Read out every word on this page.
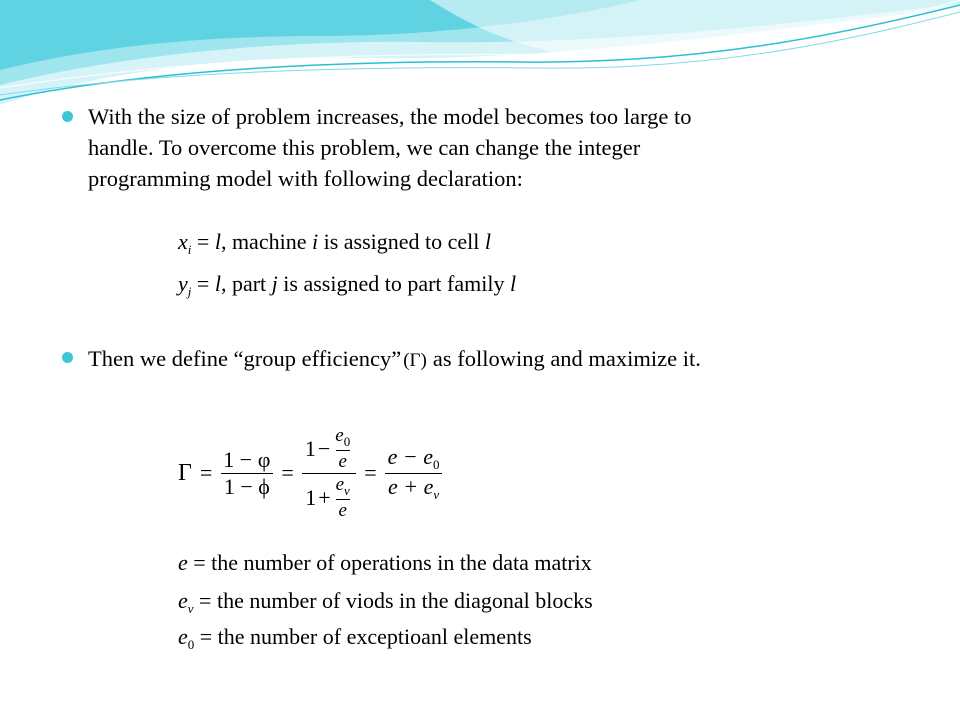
With the size of problem increases, the model becomes too large to
handle. To overcome this problem, we can change the integer
programming model with following declaration:
$x_i = l$, machine i is assigned to cell l
$y_j = l$, part j is assigned to part family l
Then we define “group efficiency” (Γ) as following and maximize it.
$\Gamma = \frac{1 - \varphi}{1 - \phi} = \frac{1 - \frac{e_0}{e}}{1 + \frac{e_\nu}{e}} = \frac{e - e_0}{e + e_\nu}$
e = the number of operations in the data matrix
$e_\nu$ = the number of viods in the diagonal blocks
$e_0$ = the number of exceptioanl elements
